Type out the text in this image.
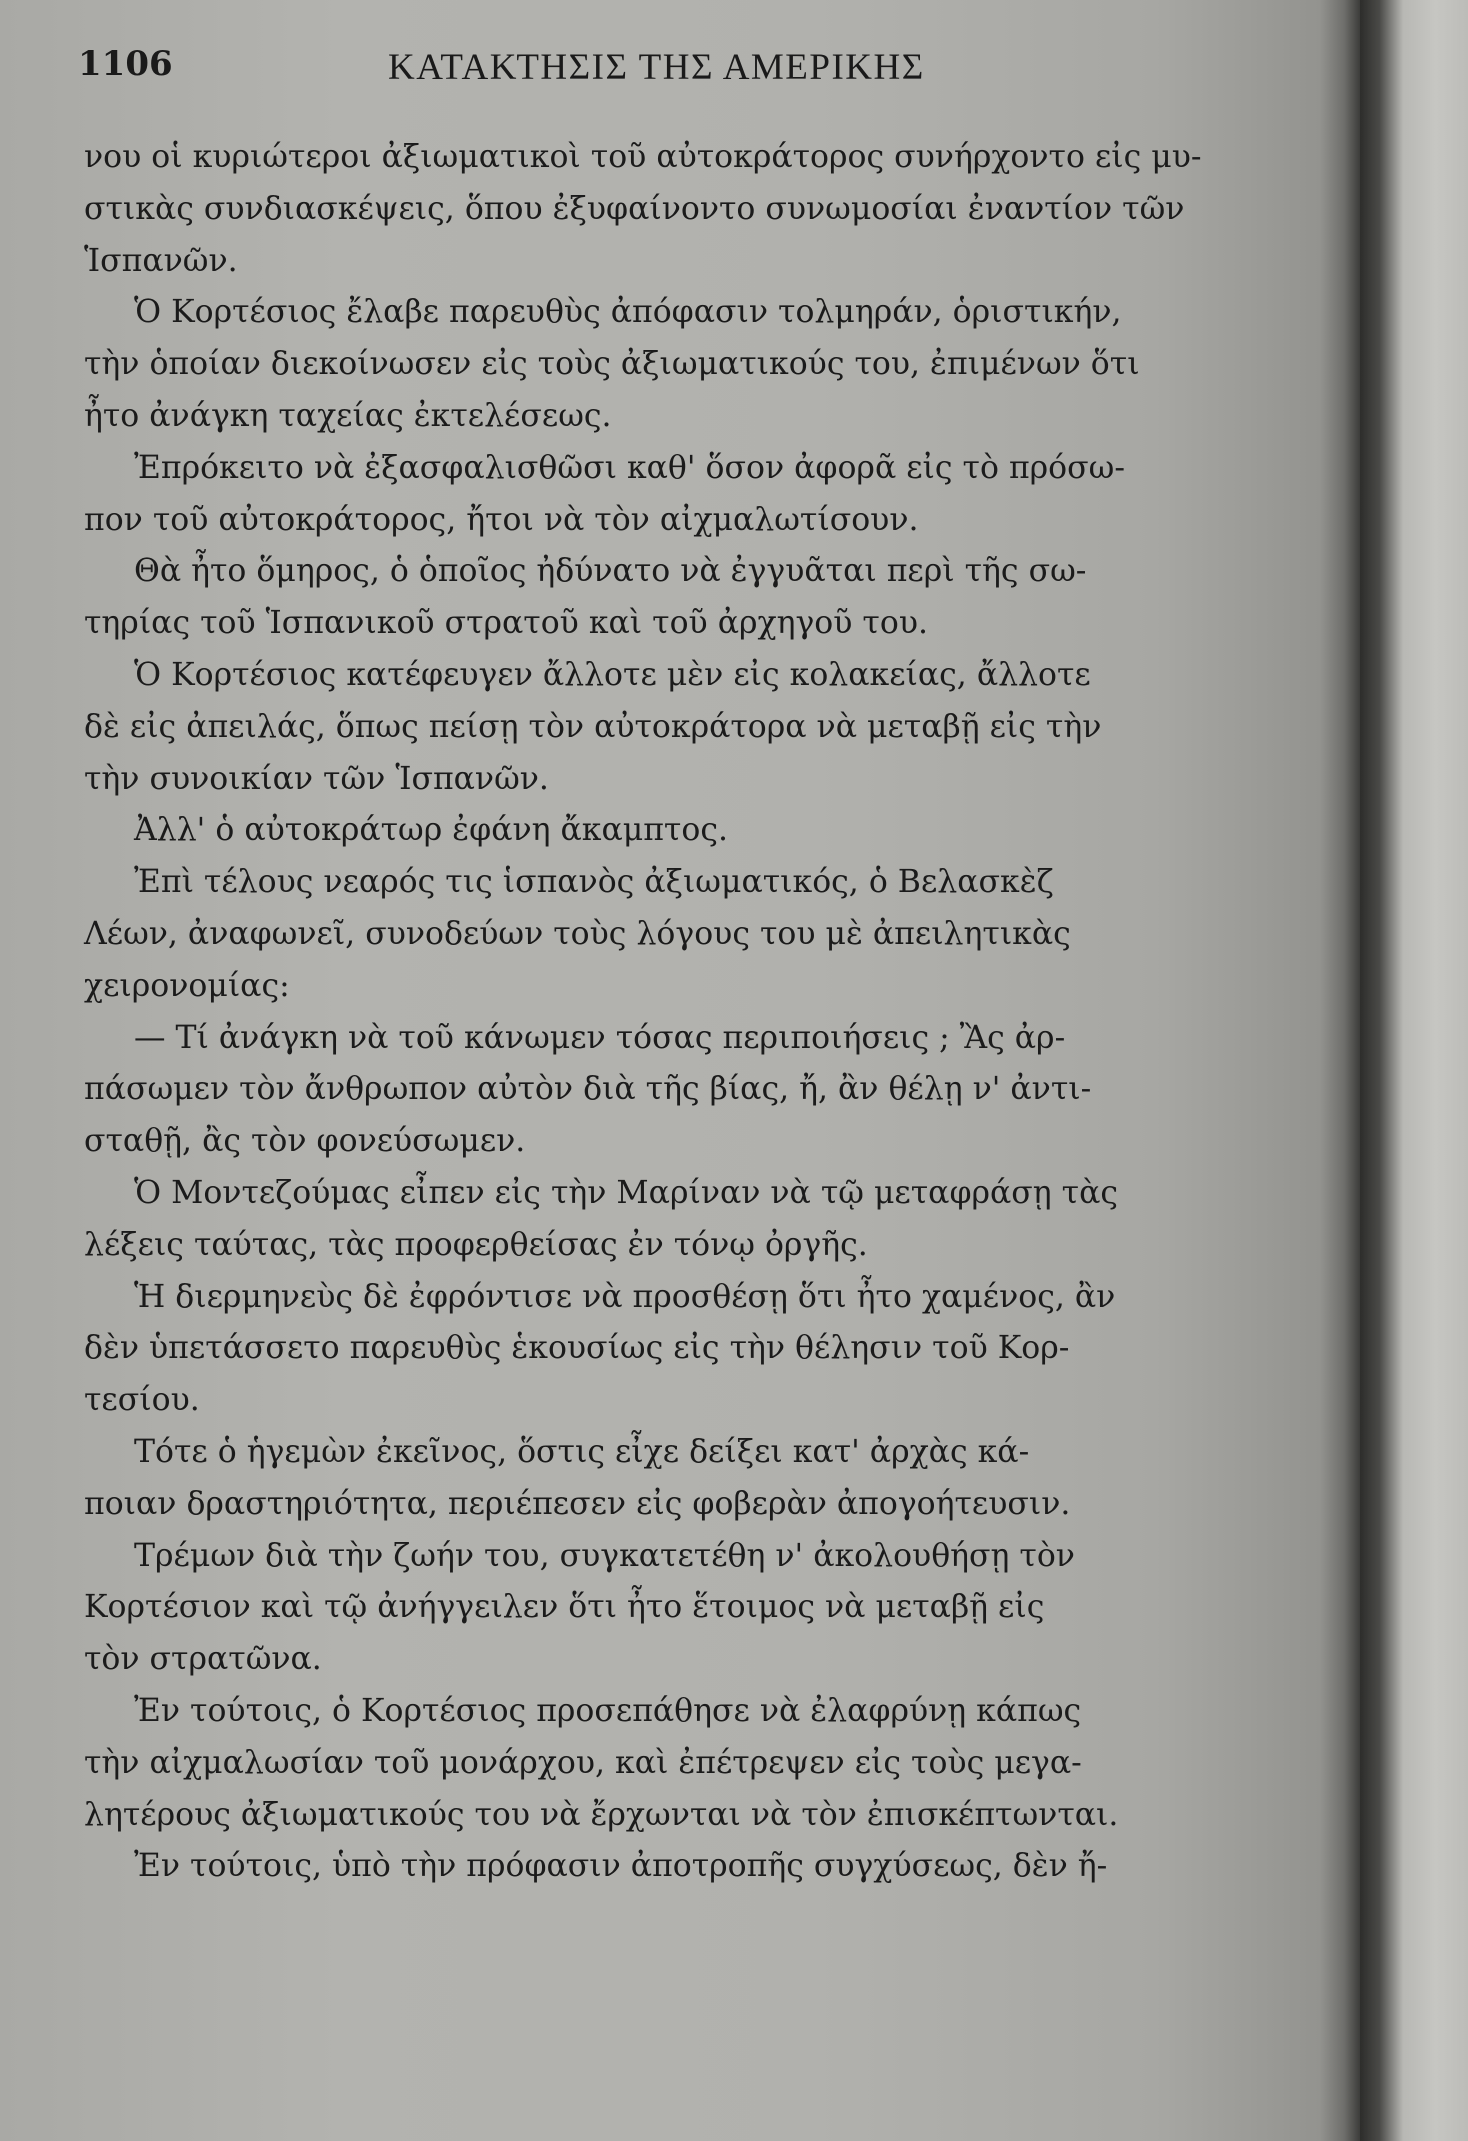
1106	ΚΑΤΑΚΤΗΣΙΣ ΤΗΣ ΑΜΕΡΙΚΗΣ
νου οἱ κυριώτεροι ἀξιωματικοὶ τοῦ αὐτοκράτορος συνήρχοντο εἰς μυ-
στικὰς συνδιασκέψεις, ὅπου ἐξυφαίνοντο συνωμοσίαι ἐναντίον τῶν
Ἱσπανῶν.
Ὁ Κορτέσιος ἔλαβε παρευθὺς ἀπόφασιν τολμηράν, ὁριστικήν,
τὴν ὁποίαν διεκοίνωσεν εἰς τοὺς ἀξιωματικούς του, ἐπιμένων ὅτι
ἦτο ἀνάγκη ταχείας ἐκτελέσεως.
Ἐπρόκειτο νὰ ἐξασφαλισθῶσι καθ' ὅσον ἀφορᾶ εἰς τὸ πρόσω-
πον τοῦ αὐτοκράτορος, ἤτοι νὰ τὸν αἰχμαλωτίσουν.
Θὰ ἦτο ὅμηρος, ὁ ὁποῖος ἠδύνατο νὰ ἐγγυᾶται περὶ τῆς σω-
τηρίας τοῦ Ἱσπανικοῦ στρατοῦ καὶ τοῦ ἀρχηγοῦ του.
Ὁ Κορτέσιος κατέφευγεν ἄλλοτε μὲν εἰς κολακείας, ἄλλοτε
δὲ εἰς ἀπειλάς, ὅπως πείσῃ τὸν αὐτοκράτορα νὰ μεταβῇ εἰς τὴν
τὴν συνοικίαν τῶν Ἱσπανῶν.
Ἀλλ' ὁ αὐτοκράτωρ ἐφάνη ἄκαμπτος.
Ἐπὶ τέλους νεαρός τις ἱσπανὸς ἀξιωματικός, ὁ Βελασκὲζ
Λέων, ἀναφωνεῖ, συνοδεύων τοὺς λόγους του μὲ ἀπειλητικὰς
χειρονομίας:
— Τί ἀνάγκη νὰ τοῦ κάνωμεν τόσας περιποιήσεις ; Ἂς ἀρ-
πάσωμεν τὸν ἄνθρωπον αὐτὸν διὰ τῆς βίας, ἤ, ἂν θέλῃ ν' ἀντι-
σταθῇ, ἂς τὸν φονεύσωμεν.
Ὁ Μοντεζούμας εἶπεν εἰς τὴν Μαρίναν νὰ τῷ μεταφράσῃ τὰς
λέξεις ταύτας, τὰς προφερθείσας ἐν τόνῳ ὀργῆς.
Ἡ διερμηνεὺς δὲ ἐφρόντισε νὰ προσθέσῃ ὅτι ἦτο χαμένος, ἂν
δὲν ὑπετάσσετο παρευθὺς ἑκουσίως εἰς τὴν θέλησιν τοῦ Κορ-
τεσίου.
Τότε ὁ ἡγεμὼν ἐκεῖνος, ὅστις εἶχε δείξει κατ' ἀρχὰς κά-
ποιαν δραστηριότητα, περιέπεσεν εἰς φοβερὰν ἀπογοήτευσιν.
Τρέμων διὰ τὴν ζωήν του, συγκατετέθη ν' ἀκολουθήσῃ τὸν
Κορτέσιον καὶ τῷ ἀνήγγειλεν ὅτι ἦτο ἕτοιμος νὰ μεταβῇ εἰς
τὸν στρατῶνα.
Ἐν τούτοις, ὁ Κορτέσιος προσεπάθησε νὰ ἐλαφρύνῃ κάπως
τὴν αἰχμαλωσίαν τοῦ μονάρχου, καὶ ἐπέτρεψεν εἰς τοὺς μεγα-
λητέρους ἀξιωματικούς του νὰ ἔρχωνται νὰ τὸν ἐπισκέπτωνται.
Ἐν τούτοις, ὑπὸ τὴν πρόφασιν ἀποτροπῆς συγχύσεως, δὲν ἤ-
